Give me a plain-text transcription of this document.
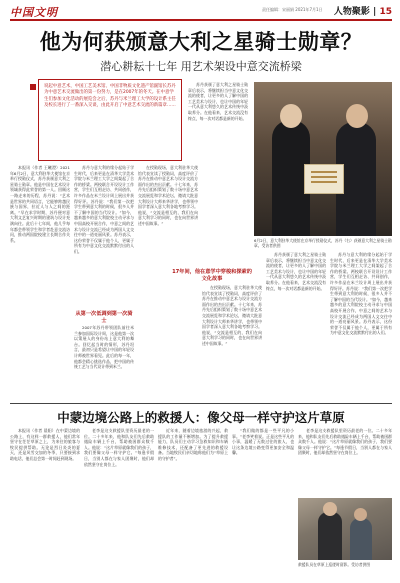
中国文明	责任编辑：宋丽娟 2021年7月1日 人物聚影 | 15
他为何获颁意大利之星骑士勋章？
潜心耕耘十七年 用艺术架设中意交流桥梁
说起中意艺术，中国工艺美术馆、中国非物质文化遗产馆副馆长苏丹为中意艺术交流做出的第一份努力，是在2007年的冬天。在中意学生们参加文化活动的展览会之后，苏丹与米兰理工大学的设计系主任及校长进行了一番深入交谈，由此开启了中意艺术交流的新篇章……

本报讯（作者 王曦澄）2021年6月2日，意大利驻华大使馆在京举行授勋仪式，苏丹获颁意大利之星骑士勋章。他是中国在艺术设计领域获得此荣誉的第一人。回顾这一路走来的历程，苏丹说：“艺术是世界的共同语言，它能够跨越民族与国界，拉近人与人之间的距离。”早在求学时期，苏丹便对意大利文艺复兴时期的建筑与设计充满向往。此后十七年间，他几乎每年都会带领学生和学者赴意交流访问，推动两国院校建立长期合作关系。

从第一次低调到第一次骑士

2007年苏丹带领团队前往米兰参加国际设计周，这是他第一次以策展人的身份站上意大利的舞台。回忆起当时的情形，苏丹坦言，最初只是希望让中国的年轻设计师被世界看见。此后的每一年，他都会精心挑选作品，把中国的传统工艺与当代设计带到米兰。

苏丹与意大利的缘分起始于学生时代，后来更是在清华大学美术学院与米兰理工大学之间架起了合作的桥梁。两校联合开设设计工作营，学生们互相走访、共同创作，许多作品在米兰设计周上展出并获得好评。苏丹说：“我们第一次把学生带到意大利的时候，很多人并不了解中国的当代设计。”如今，越来越多的意大利院校主动寻求与中国高校开展合作，中意之间的艺术与设计交流已经成为两国人文交往中的一道亮丽风景。苏丹表示，这份荣誉不仅属于他个人，更属于所有为中意文化交流默默付出的人们。

在授勋现场，意大利驻华大使馆代表宣读了授勋词，高度评价了苏丹在推动中意艺术与设计交流方面作出的杰出贡献。十七年来，苏丹先后组织策划了数十场中意艺术交流展览和学术论坛，邀请大批意大利设计大师来华讲学，也带领中国学者深入意大利各地考察学习。他说，“交流是相互的，我们在向意大利学习的同时，也在向世界讲述中国故事。”

苏丹获颁了意大利之星骑士勋章后表示，将继续担当中意文化交流的使者，让更多的人了解中国的工艺美术与设计，也让中国的年轻一代从意大利悠久的艺术传统中汲取养分。在他看来，艺术交流没有终点，每一次对话都是新的开始。

17年间，他在意学中穿梭和探索的文化故事

在授勋现场，意大利驻华大使馆代表宣读了授勋词，高度评价了苏丹在推动中意艺术与设计交流方面作出的杰出贡献。十七年来，苏丹先后组织策划了数十场中意艺术交流展览和学术论坛，邀请大批意大利设计大师来华讲学，也带领中国学者深入意大利各地考察学习。他说，“交流是相互的，我们在向意大利学习的同时，也在向世界讲述中国故事。”

苏丹获颁了意大利之星骑士勋章后表示，将继续担当中意文化交流的使者，让更多的人了解中国的工艺美术与设计，也让中国的年轻一代从意大利悠久的艺术传统中汲取养分。在他看来，艺术交流没有终点，每一次对话都是新的开始。

苏丹与意大利的缘分起始于学生时代，后来更是在清华大学美术学院与米兰理工大学之间架起了合作的桥梁。两校联合开设设计工作营，学生们互相走访、共同创作，许多作品在米兰设计周上展出并获得好评。苏丹说：“我们第一次把学生带到意大利的时候，很多人并不了解中国的当代设计。”如今，越来越多的意大利院校主动寻求与中国高校开展合作，中意之间的艺术与设计交流已经成为两国人文交往中的一道亮丽风景。苏丹表示，这份荣誉不仅属于他个人，更属于所有为中意文化交流默默付出的人们。

6月2日，意大利驻华大使馆在京举行授勋仪式，苏丹（右）获颁意大利之星骑士勋章。受访者供图
中蒙边境公路上的救援人：像父母一样守护这片草原

本报讯（作者 晨阳）在中蒙边境的公路上，有这样一群救援人，他们常年坚守在茫茫草原之上，为来往的旅客与牧民提供帮助。无论是烈日炎炎的夏天，还是风雪交加的冬季，只要接到求助电话，他们总会第一时间赶到现场。

老李是这支救援队里资历最老的一位。二十多年来，他和队友们先后救助遇险车辆上千台，帮助被困群众数千人。他说：“这片草原就像我们的孩子，我们要像父母一样守护它。”每逢节假日，当别人都在与家人团聚时，他们却依然坚守在岗位上。

近年来，随着边境旅游的兴起，救援队的工作量不断增加。为了提升救援能力，队员们主动学习急救知识和车辆维修技术，还配备了更先进的救援设备。当地牧民们亲切地称他们为“草原上的守护者”。

“我们做的都是一些平凡的小事。”老李笑着说。正是这些平凡的小事，温暖了无数过往的旅人，也让这条边境公路变得更加安全和温馨。

老李是这支救援队里资历最老的一位。二十多年来，他和队友们先后救助遇险车辆上千台，帮助被困群众数千人。他说：“这片草原就像我们的孩子，我们要像父母一样守护它。”每逢节假日，当别人都在与家人团聚时，他们却依然坚守在岗位上。

救援队员在草原上巡逻时留影。受访者供图
